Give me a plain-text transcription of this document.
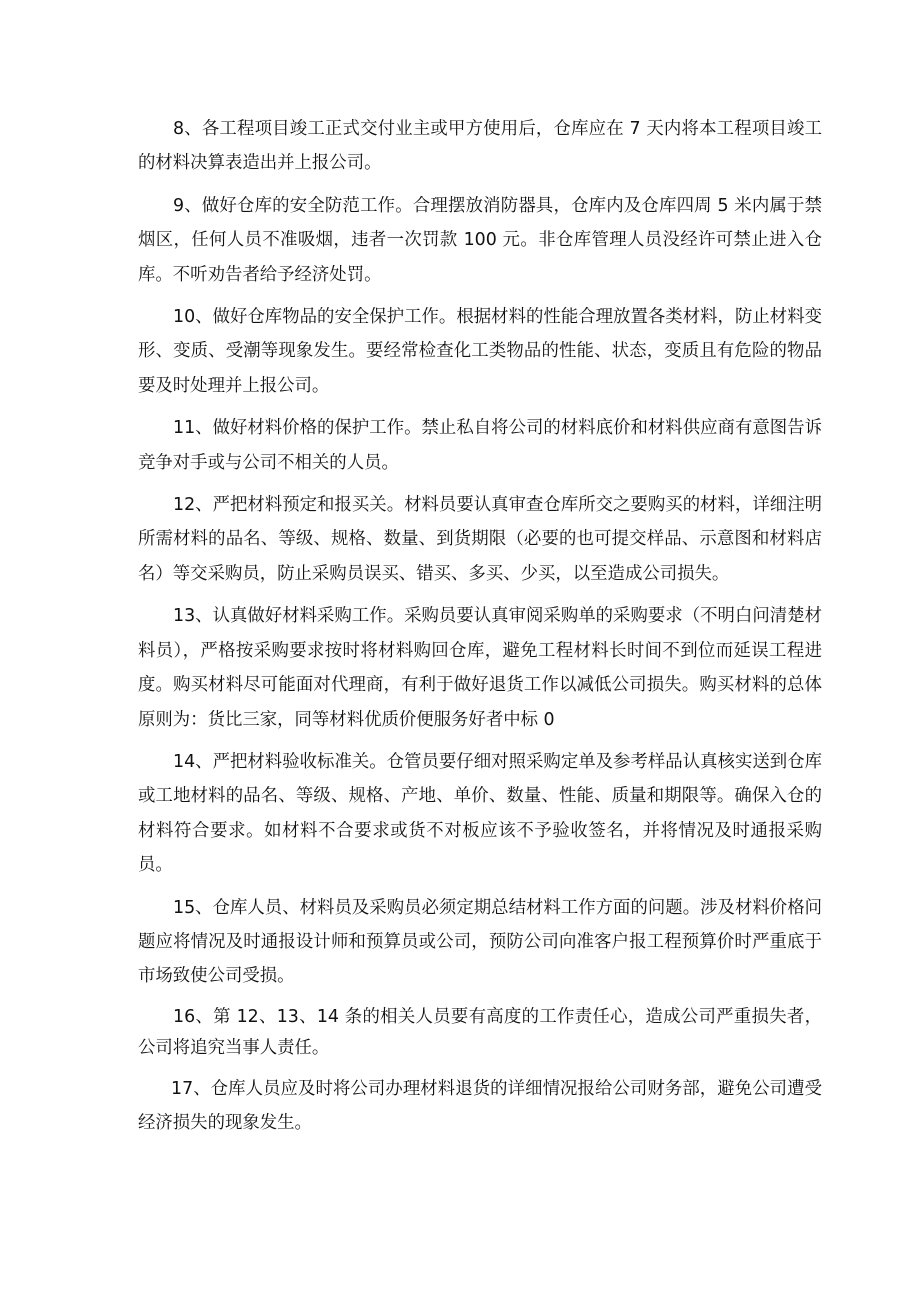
8、各工程项目竣工正式交付业主或甲方使用后，仓库应在 7 天内将本工程项目竣工的材料决算表造出并上报公司。

9、做好仓库的安全防范工作。合理摆放消防器具，仓库内及仓库四周 5 米内属于禁烟区，任何人员不准吸烟，违者一次罚款 100 元。非仓库管理人员没经许可禁止进入仓库。不听劝告者给予经济处罚。

10、做好仓库物品的安全保护工作。根据材料的性能合理放置各类材料，防止材料变形、变质、受潮等现象发生。要经常检查化工类物品的性能、状态，变质且有危险的物品要及时处理并上报公司。

11、做好材料价格的保护工作。禁止私自将公司的材料底价和材料供应商有意图告诉竞争对手或与公司不相关的人员。

12、严把材料预定和报买关。材料员要认真审查仓库所交之要购买的材料，详细注明所需材料的品名、等级、规格、数量、到货期限（必要的也可提交样品、示意图和材料店名）等交采购员，防止采购员误买、错买、多买、少买，以至造成公司损失。

13、认真做好材料采购工作。采购员要认真审阅采购单的采购要求（不明白问清楚材料员），严格按采购要求按时将材料购回仓库，避免工程材料长时间不到位而延误工程进度。购买材料尽可能面对代理商，有利于做好退货工作以减低公司损失。购买材料的总体原则为：货比三家，同等材料优质价便服务好者中标 0

14、严把材料验收标准关。仓管员要仔细对照采购定单及参考样品认真核实送到仓库或工地材料的品名、等级、规格、产地、单价、数量、性能、质量和期限等。确保入仓的材料符合要求。如材料不合要求或货不对板应该不予验收签名，并将情况及时通报采购员。

15、仓库人员、材料员及采购员必须定期总结材料工作方面的问题。涉及材料价格问题应将情况及时通报设计师和预算员或公司，预防公司向准客户报工程预算价时严重底于市场致使公司受损。

16、第 12、13、14 条的相关人员要有高度的工作责任心，造成公司严重损失者，公司将追究当事人责任。

17、仓库人员应及时将公司办理材料退货的详细情况报给公司财务部，避免公司遭受经济损失的现象发生。
